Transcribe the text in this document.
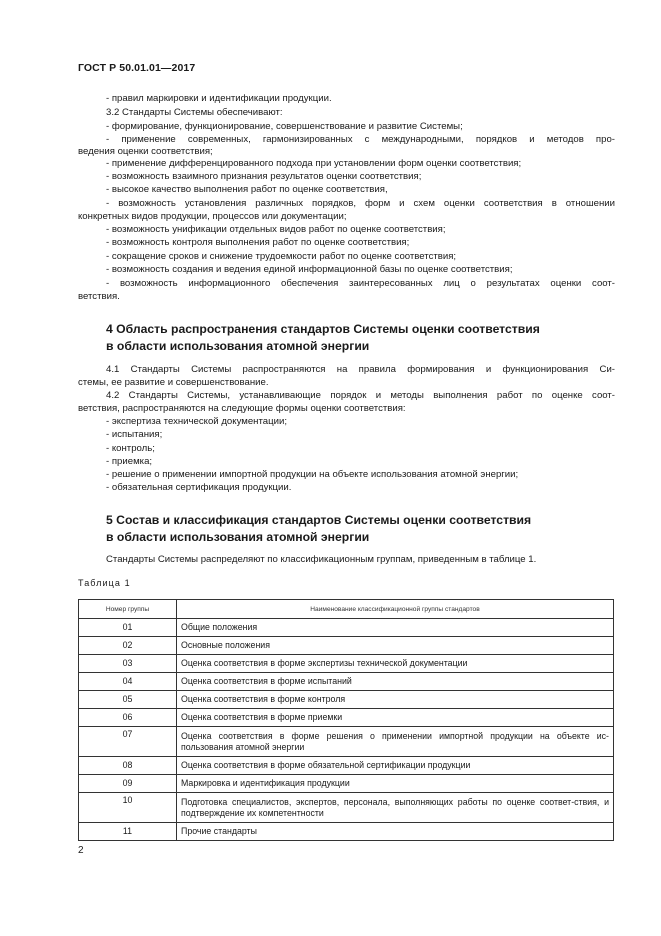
ГОСТ Р 50.01.01—2017
- правил маркировки и идентификации продукции.
3.2 Стандарты Системы обеспечивают:
- формирование, функционирование, совершенствование и развитие Системы;
- применение современных, гармонизированных с международными, порядков и методов про-
ведения оценки соответствия;
- применение дифференцированного подхода при установлении форм оценки соответствия;
- возможность взаимного признания результатов оценки соответствия;
- высокое качество выполнения работ по оценке соответствия,
- возможность установления различных порядков, форм и схем оценки соответствия в отношении
конкретных видов продукции, процессов или документации;
- возможность унификации отдельных видов работ по оценке соответствия;
- возможность контроля выполнения работ по оценке соответствия;
- сокращение сроков и снижение трудоемкости работ по оценке соответствия;
- возможность создания и ведения единой информационной базы по оценке соответствия;
- возможность информационного обеспечения заинтересованных лиц о результатах оценки соот-
ветствия.
4 Область распространения стандартов Системы оценки соответствия
в области использования атомной энергии
4.1 Стандарты Системы распространяются на правила формирования и функционирования Си-
стемы, ее развитие и совершенствование.
4.2 Стандарты Системы, устанавливающие порядок и методы выполнения работ по оценке соот-
ветствия, распространяются на следующие формы оценки соответствия:
- экспертиза технической документации;
- испытания;
- контроль;
- приемка;
- решение о применении импортной продукции на объекте использования атомной энергии;
- обязательная сертификация продукции.
5 Состав и классификация стандартов Системы оценки соответствия
в области использования атомной энергии
Стандарты Системы распределяют по классификационным группам, приведенным в таблице 1.
Таблица 1
Номер группы	Наименование классификационной группы стандартов
01	Общие положения
02	Основные положения
03	Оценка соответствия в форме экспертизы технической документации
04	Оценка соответствия в форме испытаний
05	Оценка соответствия в форме контроля
06	Оценка соответствия в форме приемки
07	Оценка соответствия в форме решения о применении импортной продукции на объекте ис-пользования атомной энергии
08	Оценка соответствия в форме обязательной сертификации продукции
09	Маркировка и идентификация продукции
10	Подготовка специалистов, экспертов, персонала, выполняющих работы по оценке соответ-ствия, и подтверждение их компетентности
11	Прочие стандарты
2
